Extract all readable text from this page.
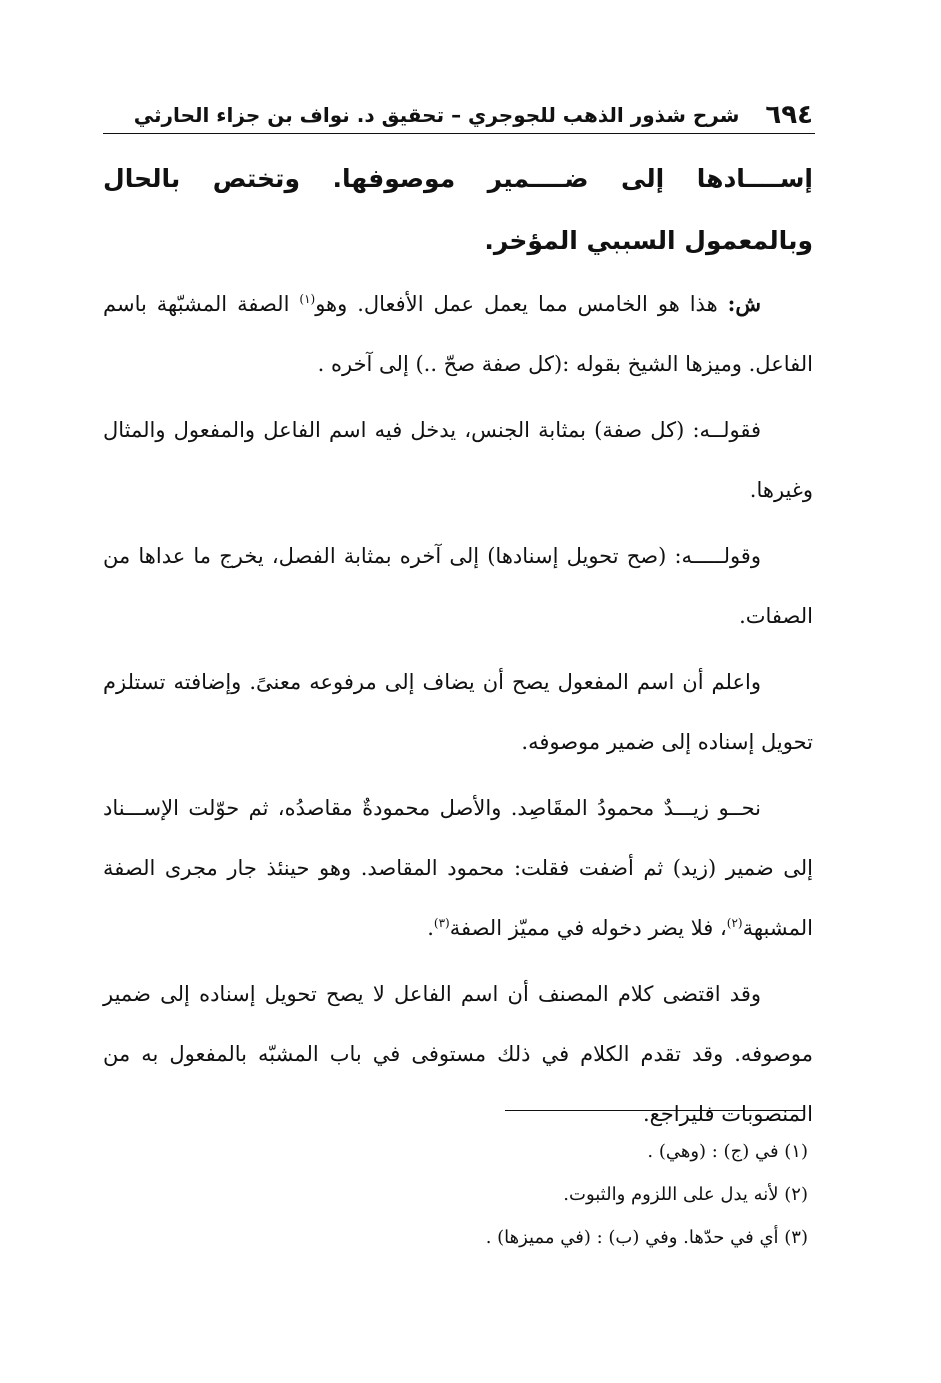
٦٩٤
شرح شذور الذهب للجوجري – تحقيق د. نواف بن جزاء الحارثي

إســــادها إلى ضــــمير موصوفها. وتختص بالحال وبالمعمول السببي المؤخر.

ش: هذا هو الخامس مما يعمل عمل الأفعال. وهو$^{(١)}$ الصفة المشبّهة باسم الفاعل. وميزها الشيخ بقوله :(كل صفة صحّ ..) إلى آخره .

فقولــه: (كل صفة) بمثابة الجنس، يدخل فيه اسم الفاعل والمفعول والمثال وغيرها.

وقولـــــه: (صح تحويل إسنادها) إلى آخره بمثابة الفصل، يخرج ما عداها من الصفات.

واعلم أن اسم المفعول يصح أن يضاف إلى مرفوعه معنىً. وإضافته تستلزم تحويل إسناده إلى ضمير موصوفه.

نحــو زيـــدٌ محمودُ المقَاصِد. والأصل محمودةٌ مقاصدُه، ثم حوّلت الإســـناد إلى ضمير (زيد) ثم أضفت فقلت: محمود المقاصد. وهو حينئذ جار مجرى الصفة المشبهة$^{(٢)}$، فلا يضر دخوله في مميّز الصفة$^{(٣)}$.

وقد اقتضى كلام المصنف أن اسم الفاعل لا يصح تحويل إسناده إلى ضمير موصوفه. وقد تقدم الكلام في ذلك مستوفى في باب المشبّه بالمفعول به من المنصوبات فليراجع.

(١) في (ج) : (وهي) .

(٢) لأنه يدل على اللزوم والثبوت.

(٣) أي في حدّها. وفي (ب) : (في مميزها) .
